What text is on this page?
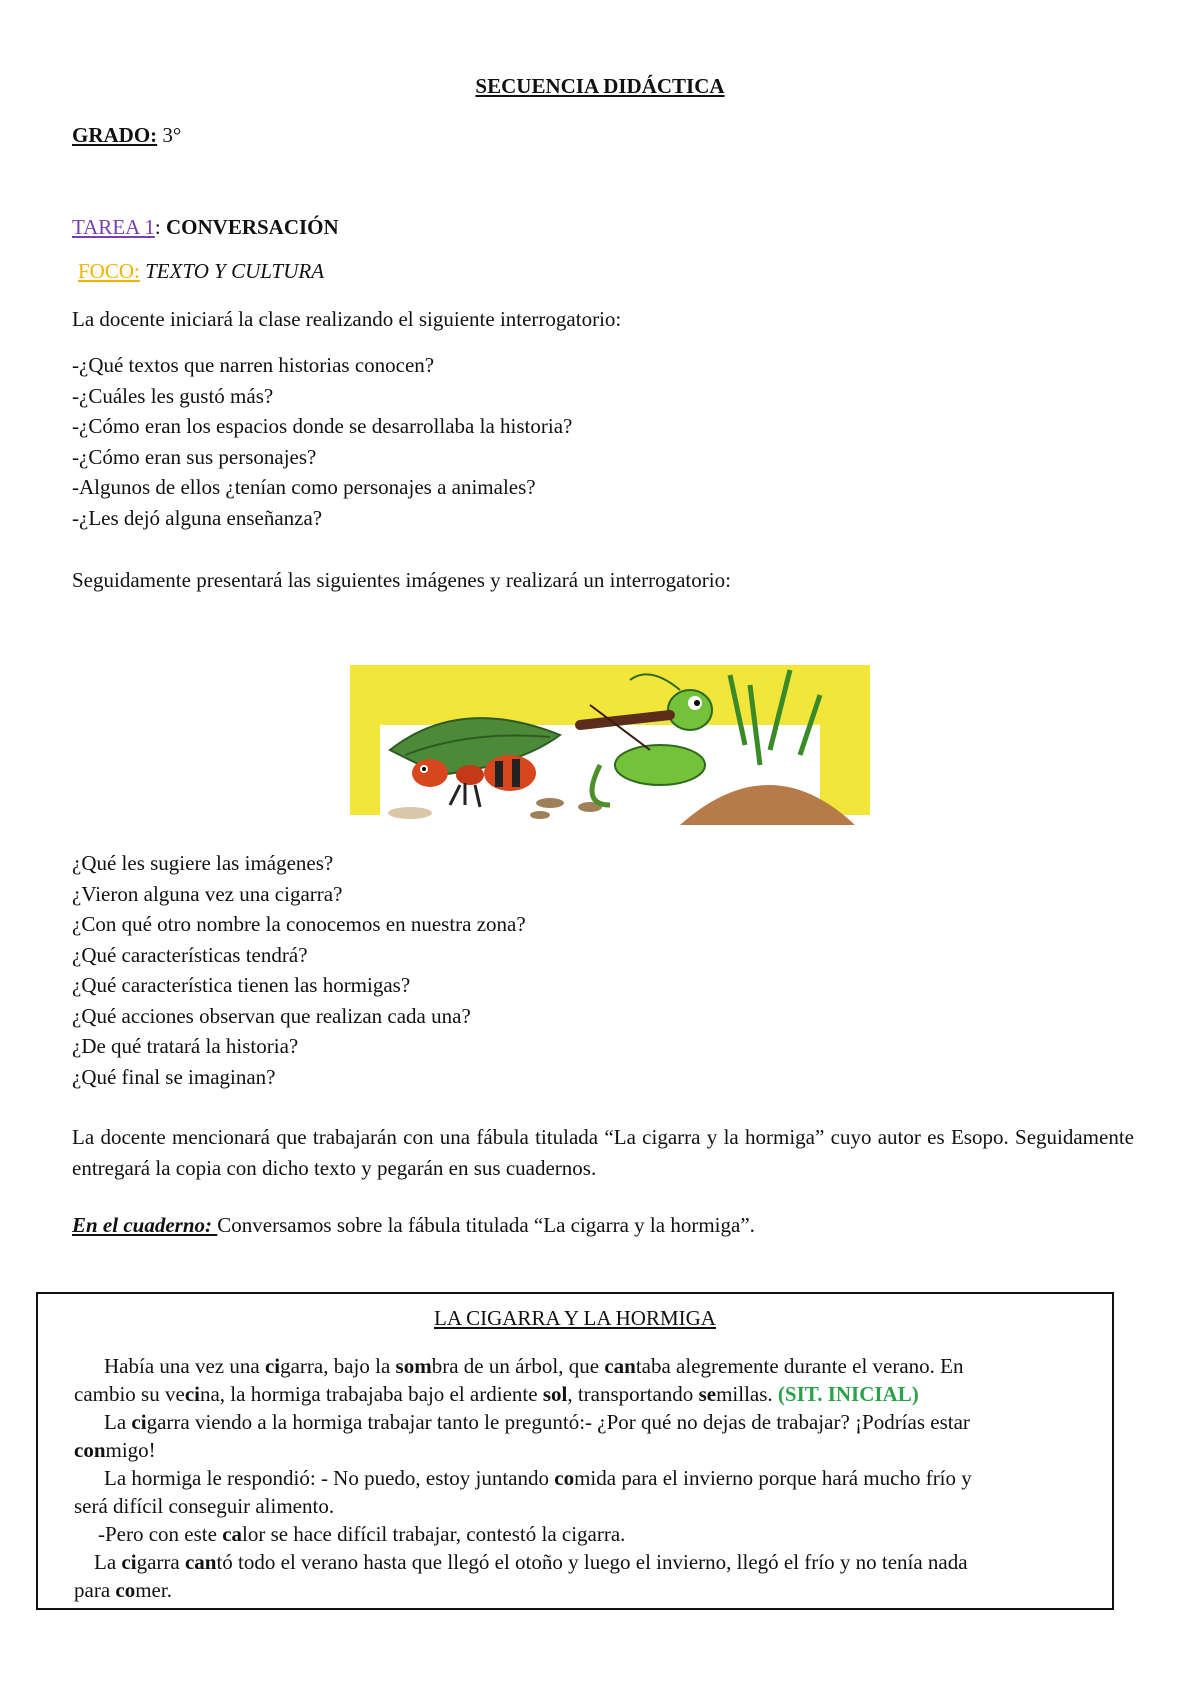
SECUENCIA DIDÁCTICA
GRADO: 3°
TAREA 1: CONVERSACIÓN
FOCO: TEXTO Y CULTURA
La docente iniciará la clase realizando el siguiente interrogatorio:
-¿Qué textos que narren historias conocen?
-¿Cuáles les gustó más?
-¿Cómo eran los espacios donde se desarrollaba la historia?
-¿Cómo eran sus personajes?
-Algunos de ellos ¿tenían como personajes a animales?
-¿Les dejó alguna enseñanza?
Seguidamente presentará las siguientes imágenes y realizará un interrogatorio:
¿Qué les sugiere las imágenes?
¿Vieron alguna vez una cigarra?
¿Con qué otro nombre la conocemos en nuestra zona?
¿Qué características tendrá?
¿Qué característica tienen las hormigas?
¿Qué acciones observan que realizan cada una?
¿De qué tratará la historia?
¿Qué final se imaginan?
La docente mencionará que trabajarán con una fábula titulada “La cigarra y la hormiga” cuyo autor es Esopo. Seguidamente entregará la copia con dicho texto y pegarán en sus cuadernos.
En el cuaderno: Conversamos sobre la fábula titulada “La cigarra y la hormiga”.
LA CIGARRA Y LA HORMIGA

Había una vez una cigarra, bajo la sombra de un árbol, que cantaba alegremente durante el verano. En

cambio su vecina, la hormiga trabajaba bajo el ardiente sol, transportando semillas. (SIT. INICIAL)

La cigarra viendo a la hormiga trabajar tanto le preguntó:- ¿Por qué no dejas de trabajar? ¡Podrías estar

conmigo!

La hormiga le respondió: - No puedo, estoy juntando comida para el invierno porque hará mucho frío y

será difícil conseguir alimento.

-Pero con este calor se hace difícil trabajar, contestó la cigarra.

La cigarra cantó todo el verano hasta que llegó el otoño y luego el invierno, llegó el frío y no tenía nada

para comer.
